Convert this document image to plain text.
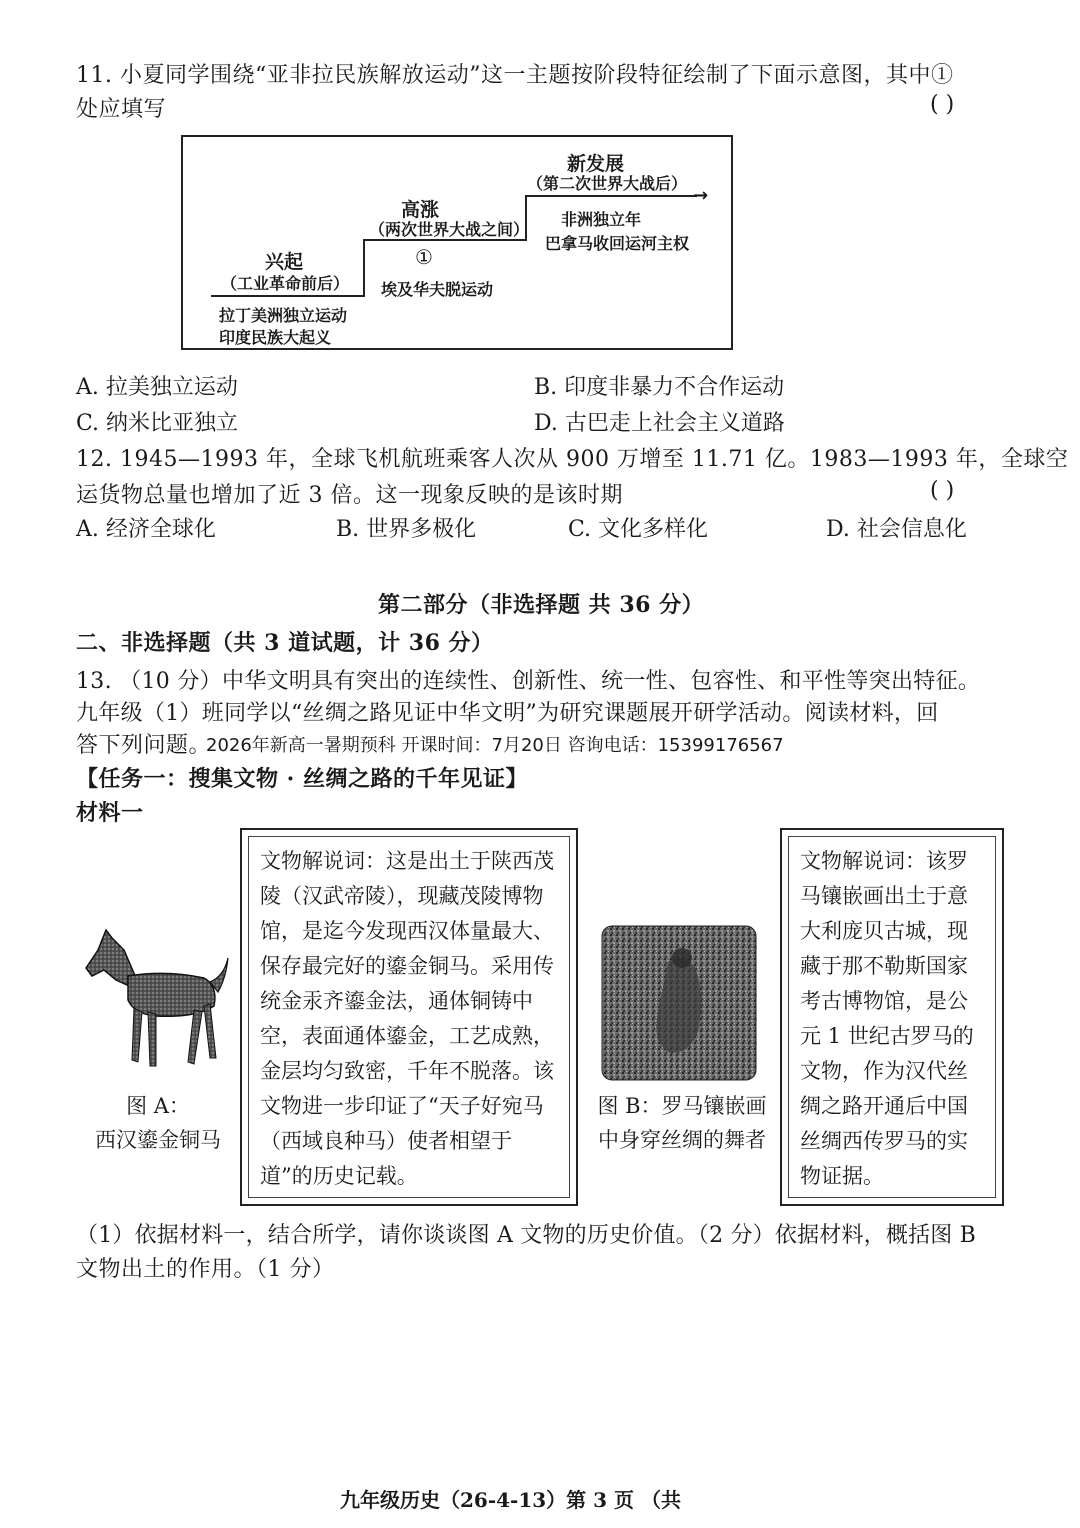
11. 小夏同学围绕“亚非拉民族解放运动”这一主题按阶段特征绘制了下面示意图，其中①
处应填写	( )
→
兴起
（工业革命前后）
拉丁美洲独立运动
印度民族大起义
高涨
（两次世界大战之间）
①
埃及华夫脱运动
新发展
（第二次世界大战后）
非洲独立年
巴拿马收回运河主权
A. 拉美独立运动	B. 印度非暴力不合作运动
C. 纳米比亚独立	D. 古巴走上社会主义道路
12. 1945—1993 年，全球飞机航班乘客人次从 900 万增至 11.71 亿。1983—1993 年，全球空
运货物总量也增加了近 3 倍。这一现象反映的是该时期	( )
A. 经济全球化	B. 世界多极化	C. 文化多样化	D. 社会信息化
第二部分（非选择题 共 36 分）
二、非选择题（共 3 道试题，计 36 分）
13. （10 分）中华文明具有突出的连续性、创新性、统一性、包容性、和平性等突出特征。
九年级（1）班同学以“丝绸之路见证中华文明”为研究课题展开研学活动。阅读材料，回
答下列问题。
2026年新高一暑期预科 开课时间：7月20日 咨询电话：15399176567
【任务一：搜集文物 · 丝绸之路的千年见证】
材料一
图 A：
西汉鎏金铜马
文物解说词：这是出土于陕西茂陵（汉武帝陵），现藏茂陵博物馆，是迄今发现西汉体量最大、保存最完好的鎏金铜马。采用传统金汞齐鎏金法，通体铜铸中空，表面通体鎏金，工艺成熟，金层均匀致密，千年不脱落。该文物进一步印证了“天子好宛马（西域良种马）使者相望于道”的历史记载。
图 B：罗马镶嵌画
中身穿丝绸的舞者
文物解说词：该罗马镶嵌画出土于意大利庞贝古城，现藏于那不勒斯国家考古博物馆，是公元 1 世纪古罗马的文物，作为汉代丝绸之路开通后中国丝绸西传罗马的实物证据。
（1）依据材料一，结合所学，请你谈谈图 A 文物的历史价值。（2 分）依据材料，概括图 B
文物出土的作用。（1 分）
九年级历史（26-4-13）第 3 页 （共
